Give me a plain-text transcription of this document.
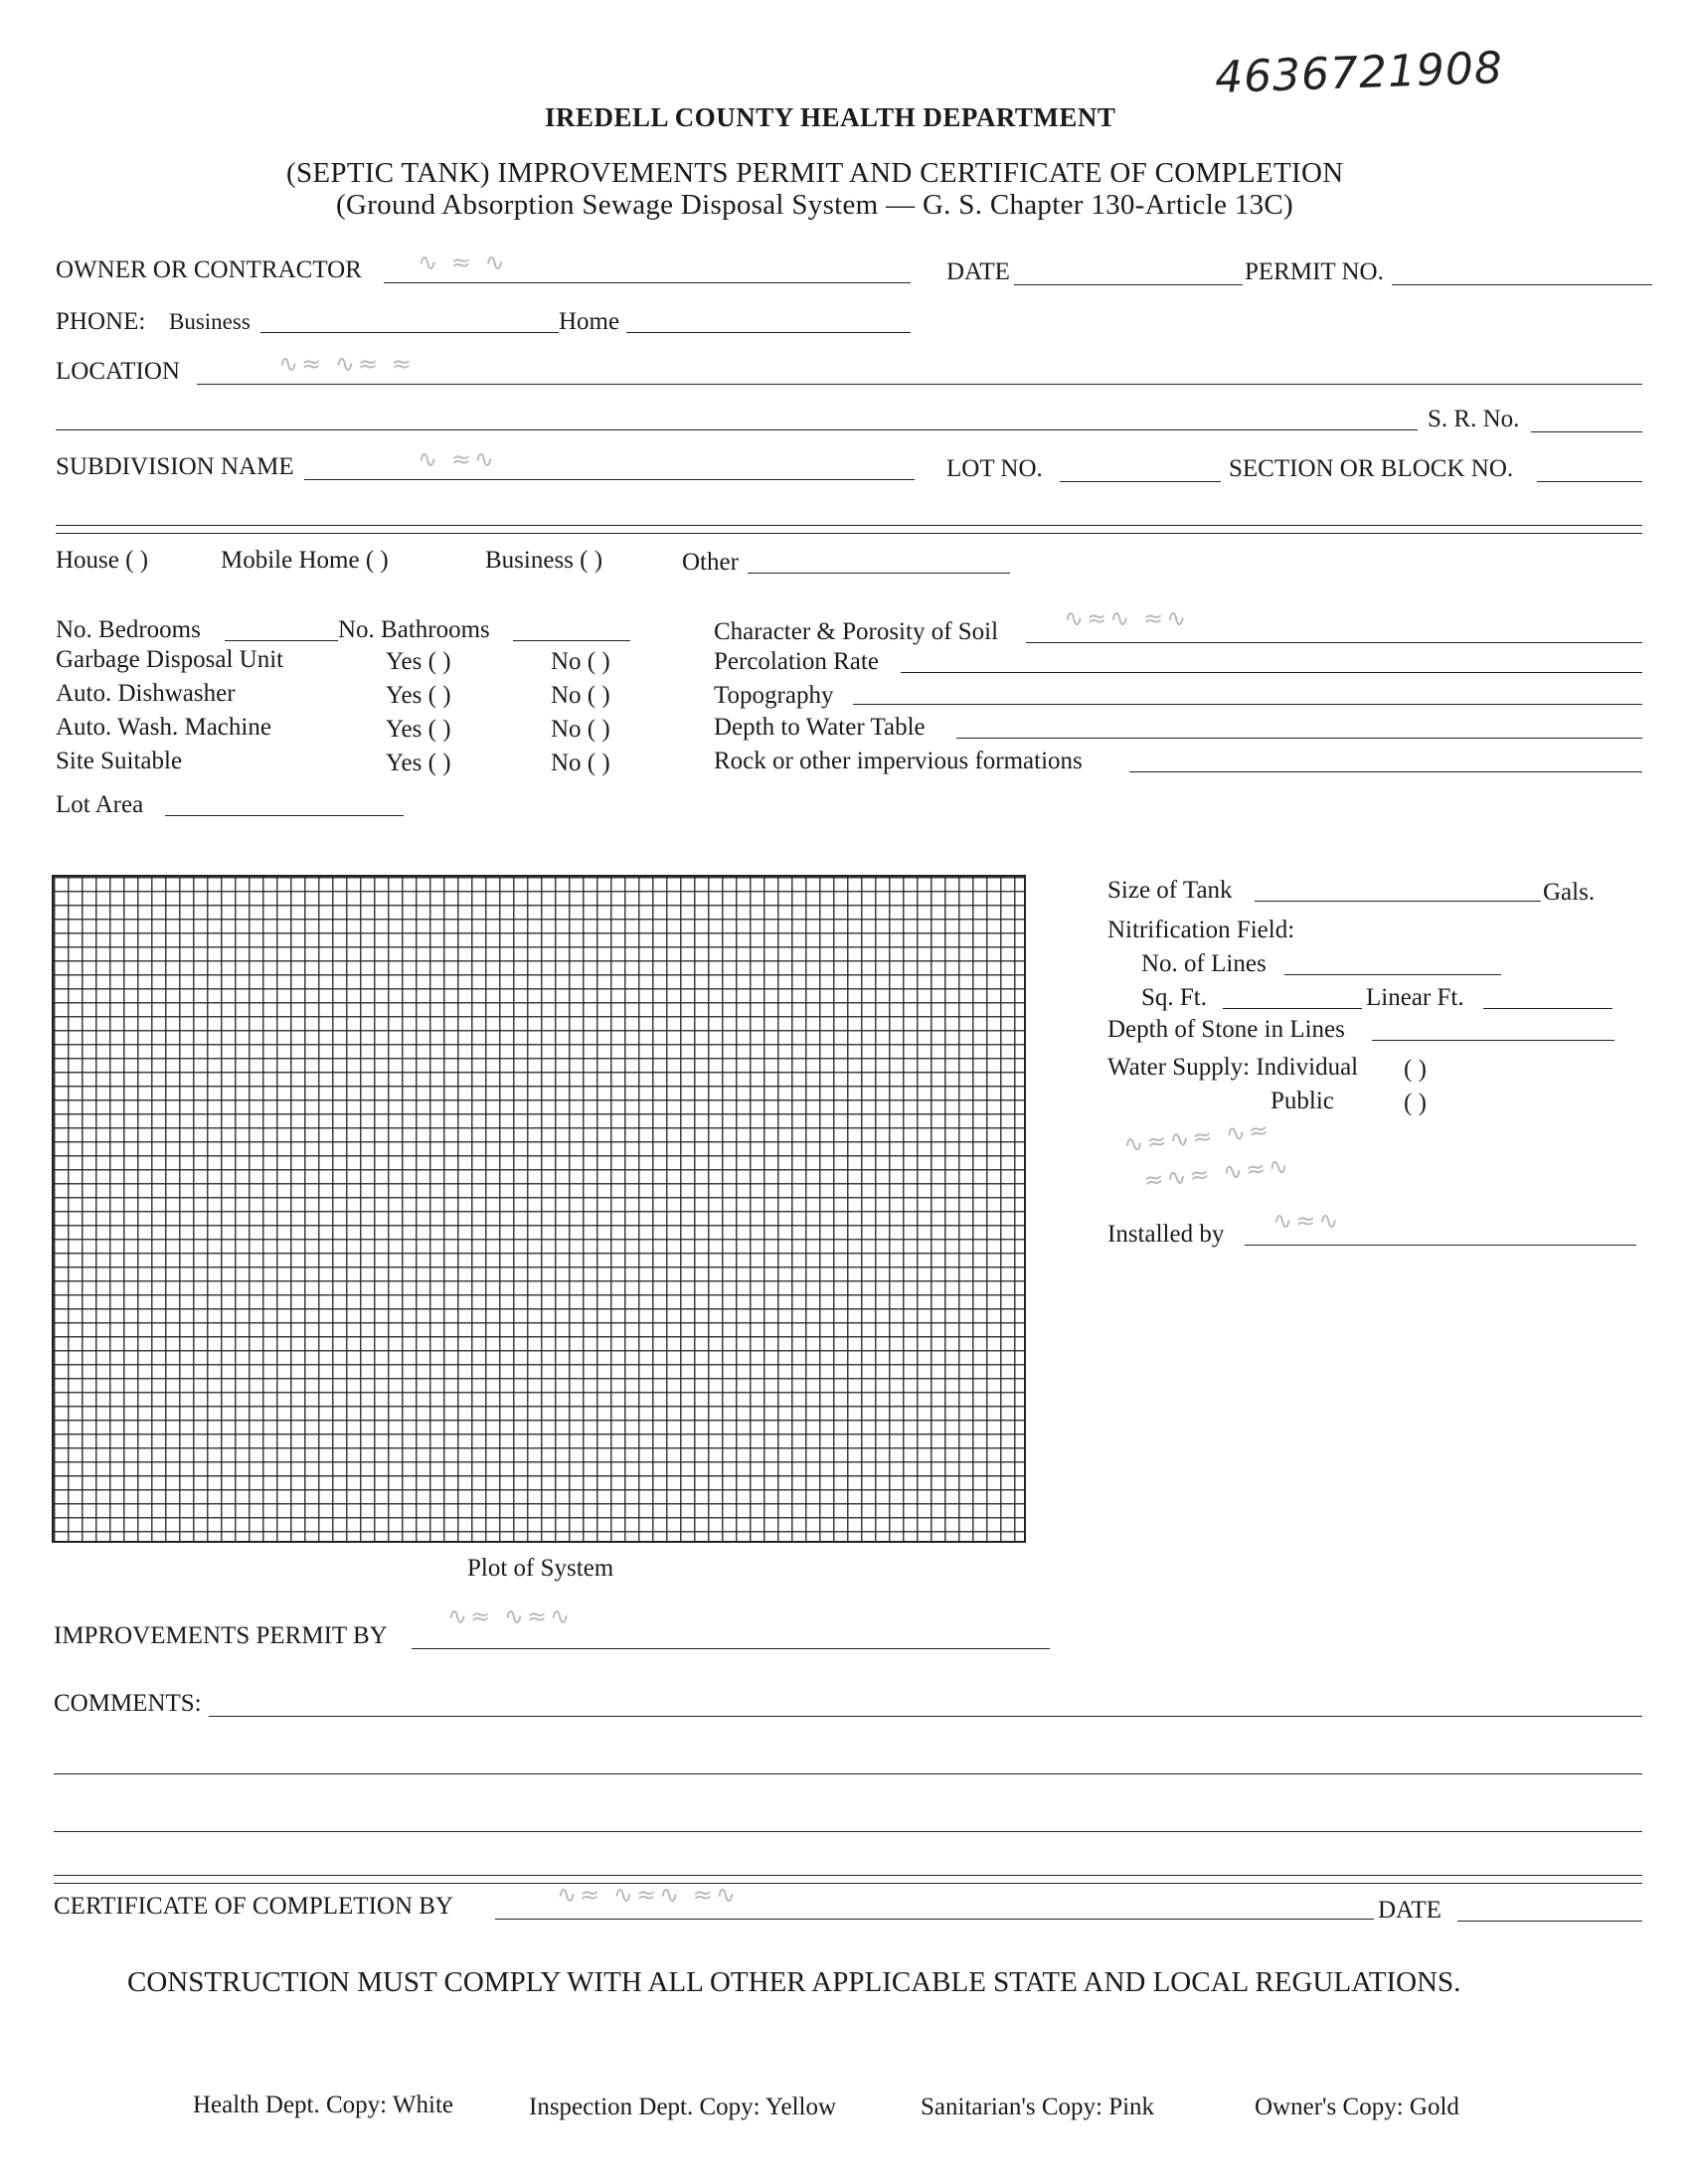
4636721908
IREDELL COUNTY HEALTH DEPARTMENT
(SEPTIC TANK) IMPROVEMENTS PERMIT AND CERTIFICATE OF COMPLETION
(Ground Absorption Sewage Disposal System — G. S. Chapter 130-Article 13C)
OWNER OR CONTRACTOR ∿ ≈ ∿	DATE	PERMIT NO.
PHONE: Business	Home
LOCATION	∿≈ ∿≈ ≈
S. R. No.
SUBDIVISION NAME	∿ ≈∿	LOT NO.	SECTION OR BLOCK NO.
House ( )	Mobile Home ( )	Business ( )	Other
No. Bedrooms	No. Bathrooms
Garbage Disposal Unit	Yes ( )	No ( )
Auto. Dishwasher	Yes ( )	No ( )
Auto. Wash. Machine	Yes ( )	No ( )
Site Suitable	Yes ( )	No ( )
Lot Area
Character & Porosity of Soil	∿≈∿ ≈∿
Percolation Rate
Topography
Depth to Water Table
Rock or other impervious formations
Plot of System
Size of Tank	Gals.
Nitrification Field:
No. of Lines
Sq. Ft.	Linear Ft.
Depth of Stone in Lines
Water Supply: Individual ( )
Public	( )
∿≈∿≈ ∿≈
≈∿≈ ∿≈∿
Installed by ∿≈∿
IMPROVEMENTS PERMIT BY
∿≈ ∿≈∿
COMMENTS:
CERTIFICATE OF COMPLETION BY	∿≈ ∿≈∿ ≈∿
DATE
CONSTRUCTION MUST COMPLY WITH ALL OTHER APPLICABLE STATE AND LOCAL REGULATIONS.
Health Dept. Copy: White	Inspection Dept. Copy: Yellow	Sanitarian's Copy: Pink	Owner's Copy: Gold
